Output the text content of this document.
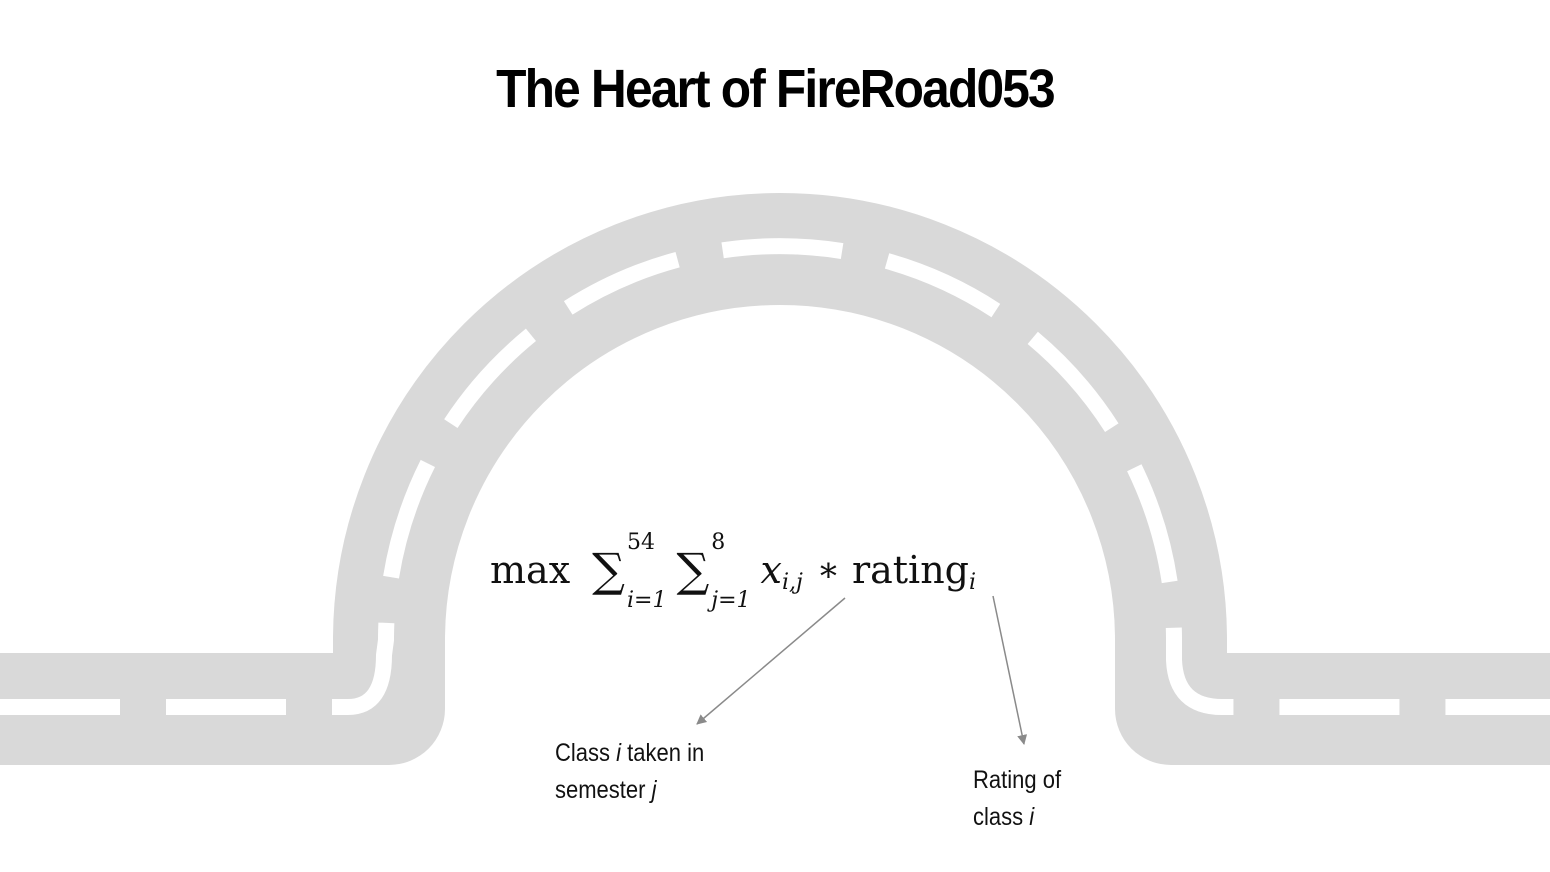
The Heart of FireRoad053
max ∑
54
i=1
∑
8
j=1
x i,j ∗ rating i
Class i taken in
semester j	Rating of
class i
